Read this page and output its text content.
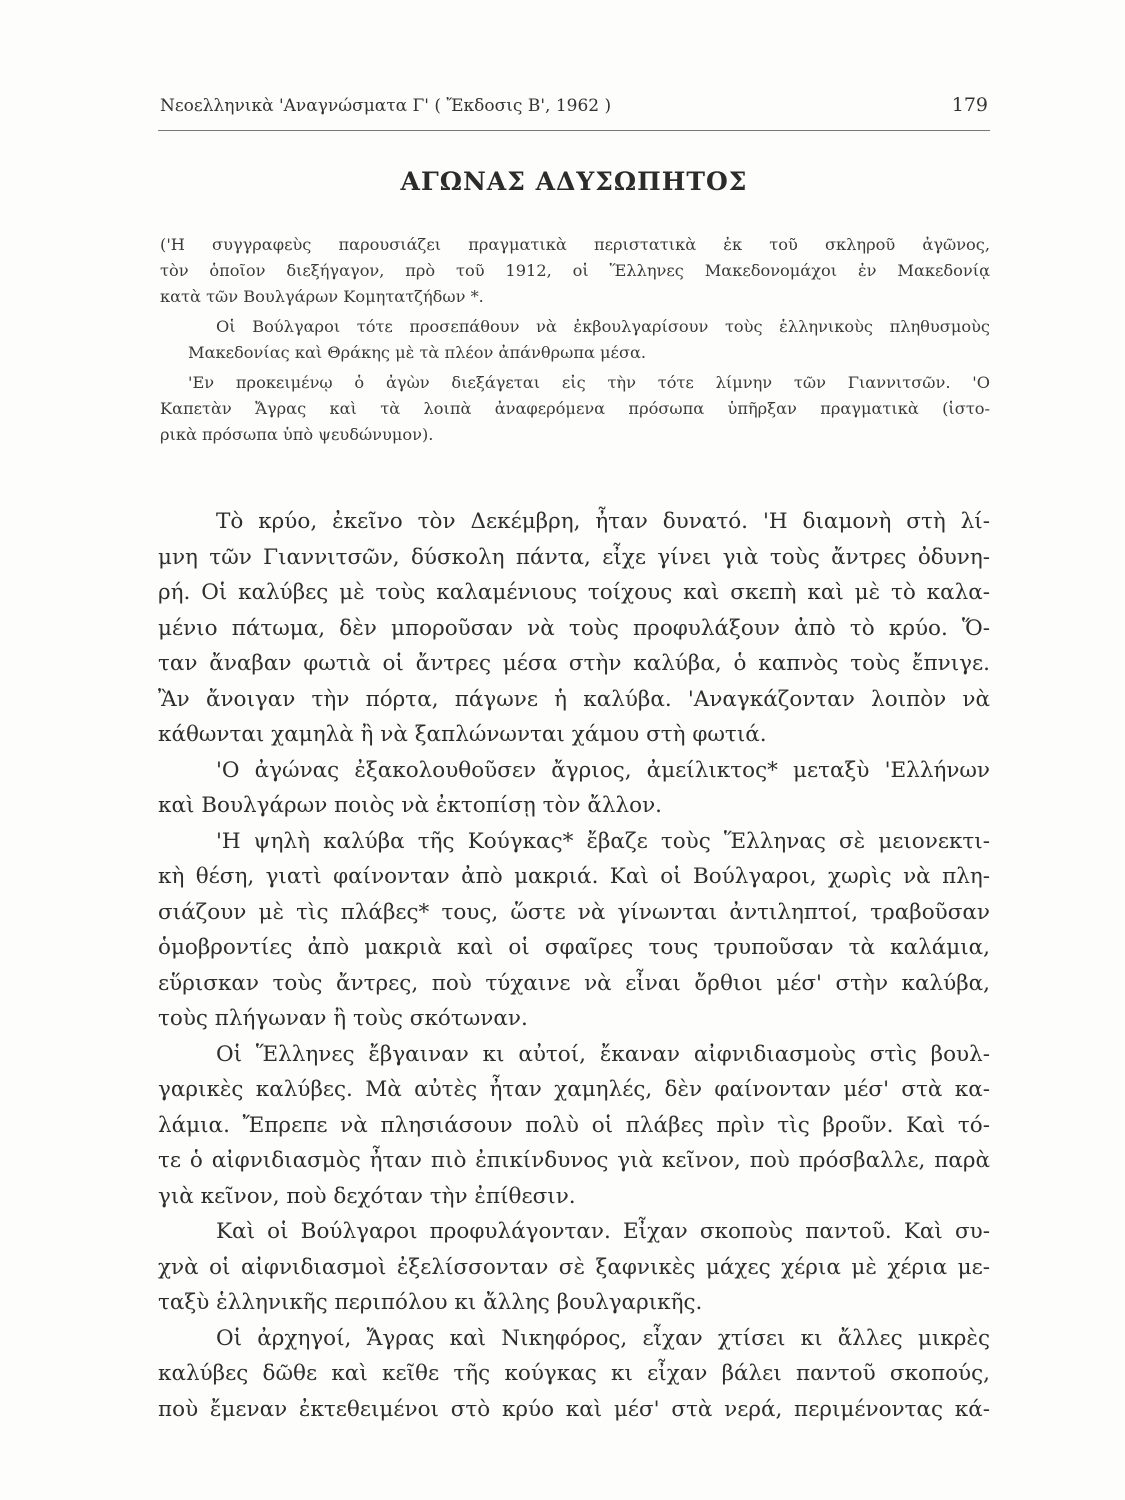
Νεοελληνικὰ 'Αναγνώσματα Γ' ( Ἔκδοσις Β', 1962 )	179
ΑΓΩΝΑΣ ΑΔΥΣΩΠΗΤΟΣ

('Η συγγραφεὺς παρουσιάζει πραγματικὰ περιστατικὰ ἐκ τοῦ σκληροῦ ἀγῶνος,
τὸν ὁποῖον διεξήγαγον, πρὸ τοῦ 1912, οἱ Ἕλληνες Μακεδονομάχοι ἐν Μακεδονίᾳ
κατὰ τῶν Βουλγάρων Κομητατζήδων *.

Οἱ Βούλγαροι τότε προσεπάθουν νὰ ἐκβουλγαρίσουν τοὺς ἑλληνικοὺς πληθυσμοὺς
Μακεδονίας καὶ Θράκης μὲ τὰ πλέον ἀπάνθρωπα μέσα.

'Εν προκειμένῳ ὁ ἀγὼν διεξάγεται εἰς τὴν τότε λίμνην τῶν Γιαννιτσῶν. 'Ο
Καπετὰν Ἄγρας καὶ τὰ λοιπὰ ἀναφερόμενα πρόσωπα ὑπῆρξαν πραγματικὰ (ἱστο-
ρικὰ πρόσωπα ὑπὸ ψευδώνυμον).

Τὸ κρύο, ἐκεῖνο τὸν Δεκέμβρη, ἦταν δυνατό. 'Η διαμονὴ στὴ λί-
μνη τῶν Γιαννιτσῶν, δύσκολη πάντα, εἶχε γίνει γιὰ τοὺς ἄντρες ὀδυνη-
ρή. Οἱ καλύβες μὲ τοὺς καλαμένιους τοίχους καὶ σκεπὴ καὶ μὲ τὸ καλα-
μένιο πάτωμα, δὲν μποροῦσαν νὰ τοὺς προφυλάξουν ἀπὸ τὸ κρύο. Ὅ-
ταν ἄναβαν φωτιὰ οἱ ἄντρες μέσα στὴν καλύβα, ὁ καπνὸς τοὺς ἔπνιγε.
Ἂν ἄνοιγαν τὴν πόρτα, πάγωνε ἡ καλύβα. 'Αναγκάζονταν λοιπὸν νὰ
κάθωνται χαμηλὰ ἢ νὰ ξαπλώνωνται χάμου στὴ φωτιά.
'Ο ἀγώνας ἐξακολουθοῦσεν ἄγριος, ἀμείλικτος* μεταξὺ 'Ελλήνων
καὶ Βουλγάρων ποιὸς νὰ ἐκτοπίσῃ τὸν ἄλλον.
'Η ψηλὴ καλύβα τῆς Κούγκας* ἔβαζε τοὺς Ἕλληνας σὲ μειονεκτι-
κὴ θέση, γιατὶ φαίνονταν ἀπὸ μακριά. Καὶ οἱ Βούλγαροι, χωρὶς νὰ πλη-
σιάζουν μὲ τὶς πλάβες* τους, ὥστε νὰ γίνωνται ἀντιληπτοί, τραβοῦσαν
ὁμοβροντίες ἀπὸ μακριὰ καὶ οἱ σφαῖρες τους τρυποῦσαν τὰ καλάμια,
εὕρισκαν τοὺς ἄντρες, ποὺ τύχαινε νὰ εἶναι ὄρθιοι μέσ' στὴν καλύβα,
τοὺς πλήγωναν ἢ τοὺς σκότωναν.
Οἱ Ἕλληνες ἔβγαιναν κι αὐτοί, ἔκαναν αἰφνιδιασμοὺς στὶς βουλ-
γαρικὲς καλύβες. Μὰ αὐτὲς ἦταν χαμηλές, δὲν φαίνονταν μέσ' στὰ κα-
λάμια. Ἔπρεπε νὰ πλησιάσουν πολὺ οἱ πλάβες πρὶν τὶς βροῦν. Καὶ τό-
τε ὁ αἰφνιδιασμὸς ἦταν πιὸ ἐπικίνδυνος γιὰ κεῖνον, ποὺ πρόσβαλλε, παρὰ
γιὰ κεῖνον, ποὺ δεχόταν τὴν ἐπίθεσιν.
Καὶ οἱ Βούλγαροι προφυλάγονταν. Εἶχαν σκοποὺς παντοῦ. Καὶ συ-
χνὰ οἱ αἰφνιδιασμοὶ ἐξελίσσονταν σὲ ξαφνικὲς μάχες χέρια μὲ χέρια με-
ταξὺ ἑλληνικῆς περιπόλου κι ἄλλης βουλγαρικῆς.
Οἱ ἀρχηγοί, Ἄγρας καὶ Νικηφόρος, εἶχαν χτίσει κι ἄλλες μικρὲς
καλύβες δῶθε καὶ κεῖθε τῆς κούγκας κι εἶχαν βάλει παντοῦ σκοπούς,
ποὺ ἔμεναν ἐκτεθειμένοι στὸ κρύο καὶ μέσ' στὰ νερά, περιμένοντας κά-
